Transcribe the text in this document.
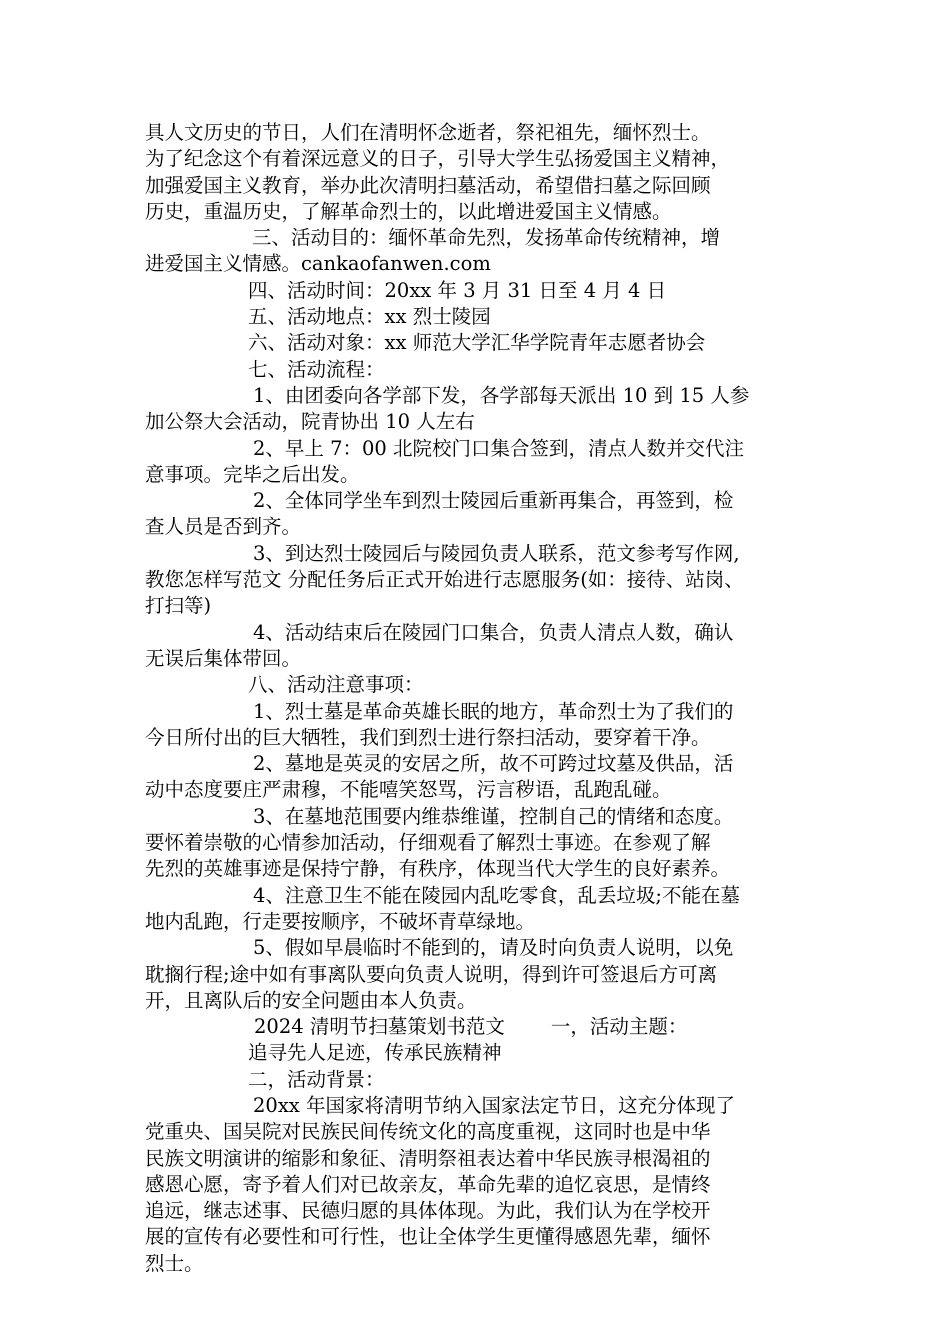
具人文历史的节日，人们在清明怀念逝者，祭祀祖先，缅怀烈士。
为了纪念这个有着深远意义的日子，引导大学生弘扬爱国主义精神，
加强爱国主义教育，举办此次清明扫墓活动，希望借扫墓之际回顾
历史，重温历史，了解革命烈士的，以此增进爱国主义情感。
三、活动目的：缅怀革命先烈，发扬革命传统精神，增
进爱国主义情感。cankaofanwen.com
四、活动时间：20xx 年 3 月 31 日至 4 月 4 日
五、活动地点：xx 烈士陵园
六、活动对象：xx 师范大学汇华学院青年志愿者协会
七、活动流程：
1、由团委向各学部下发，各学部每天派出 10 到 15 人参
加公祭大会活动，院青协出 10 人左右
2、早上 7：00 北院校门口集合签到，清点人数并交代注
意事项。完毕之后出发。
2、全体同学坐车到烈士陵园后重新再集合，再签到，检
查人员是否到齐。
3、到达烈士陵园后与陵园负责人联系，范文参考写作网,
教您怎样写范文 分配任务后正式开始进行志愿服务(如：接待、站岗、
打扫等)
4、活动结束后在陵园门口集合，负责人清点人数，确认
无误后集体带回。
八、活动注意事项：
1、烈士墓是革命英雄长眠的地方，革命烈士为了我们的
今日所付出的巨大牺牲，我们到烈士进行祭扫活动，要穿着干净。
2、墓地是英灵的安居之所，故不可跨过坟墓及供品，活
动中态度要庄严肃穆，不能嘻笑怒骂，污言秽语，乱跑乱碰。
3、在墓地范围要内维恭维谨，控制自己的情绪和态度。
要怀着崇敬的心情参加活动，仔细观看了解烈士事迹。在参观了解
先烈的英雄事迹是保持宁静，有秩序，体现当代大学生的良好素养。
4、注意卫生不能在陵园内乱吃零食，乱丢垃圾;不能在墓
地内乱跑，行走要按顺序，不破坏青草绿地。
5、假如早晨临时不能到的，请及时向负责人说明，以免
耽搁行程;途中如有事离队要向负责人说明，得到许可签退后方可离
开，且离队后的安全问题由本人负责。
2024 清明节扫墓策划书范文 一，活动主题：
追寻先人足迹，传承民族精神
二，活动背景：
20xx 年国家将清明节纳入国家法定节日，这充分体现了
党重央、国吴院对民族民间传统文化的高度重视，这同时也是中华
民族文明演讲的缩影和象征、清明祭祖表达着中华民族寻根渴祖的
感恩心愿，寄予着人们对已故亲友，革命先辈的追忆哀思，是情终
追远，继志述事、民德归愿的具体体现。为此，我们认为在学校开
展的宣传有必要性和可行性，也让全体学生更懂得感恩先辈，缅怀
烈士。
